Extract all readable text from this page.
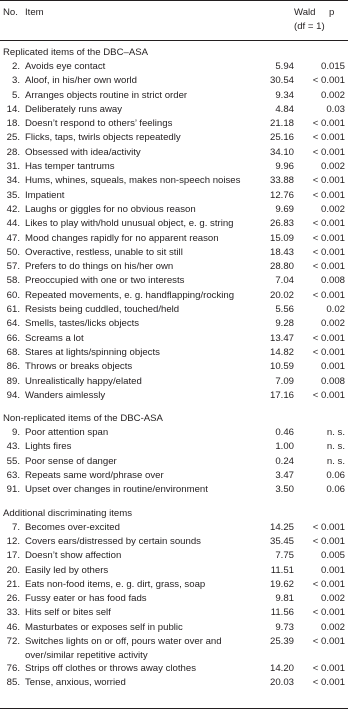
No. Item	Wald
(df = 1)
p
Replicated items of the DBC–ASA
2. Avoids eye contact	5.94	0.015
3. Aloof, in his/her own world	30.54 < 0.001
5. Arranges objects routine in strict order	9.34	0.002
14. Deliberately runs away	4.84	0.03
18. Doesn’t respond to others’ feelings	21.18 < 0.001
25. Flicks, taps, twirls objects repeatedly	25.16 < 0.001
28. Obsessed with idea/activity	34.10 < 0.001
31. Has temper tantrums	9.96	0.002
34. Hums, whines, squeals, makes non-speech noises	33.88 < 0.001
35. Impatient	12.76 < 0.001
42. Laughs or giggles for no obvious reason	9.69	0.002
44. Likes to play with/hold unusual object, e. g. string	26.83 < 0.001
47. Mood changes rapidly for no apparent reason	15.09 < 0.001
50. Overactive, restless, unable to sit still	18.43 < 0.001
57. Prefers to do things on his/her own	28.80 < 0.001
58. Preoccupied with one or two interests	7.04	0.008
60. Repeated movements, e. g. handflapping/rocking	20.02 < 0.001
61. Resists being cuddled, touched/held	5.56	0.02
64. Smells, tastes/licks objects	9.28	0.002
66. Screams a lot	13.47 < 0.001
68. Stares at lights/spinning objects	14.82 < 0.001
86. Throws or breaks objects	10.59	0.001
89. Unrealistically happy/elated	7.09	0.008
94. Wanders aimlessly	17.16 < 0.001
Non-replicated items of the DBC-ASA
9. Poor attention span	0.46	n. s.
43. Lights fires	1.00	n. s.
55. Poor sense of danger	0.24	n. s.
63. Repeats same word/phrase over	3.47	0.06
91. Upset over changes in routine/environment	3.50	0.06
Additional discriminating items
7. Becomes over-excited	14.25 < 0.001
12. Covers ears/distressed by certain sounds	35.45 < 0.001
17. Doesn’t show affection	7.75	0.005
20. Easily led by others	11.51	0.001
21. Eats non-food items, e. g. dirt, grass, soap	19.62 < 0.001
26. Fussy eater or has food fads	9.81	0.002
33. Hits self or bites self	11.56 < 0.001
46. Masturbates or exposes self in public	9.73	0.002
72. Switches lights on or off, pours water over and over/similar repetitive activity
25.39 < 0.001
76. Strips off clothes or throws away clothes	14.20 < 0.001
85. Tense, anxious, worried	20.03 < 0.001
